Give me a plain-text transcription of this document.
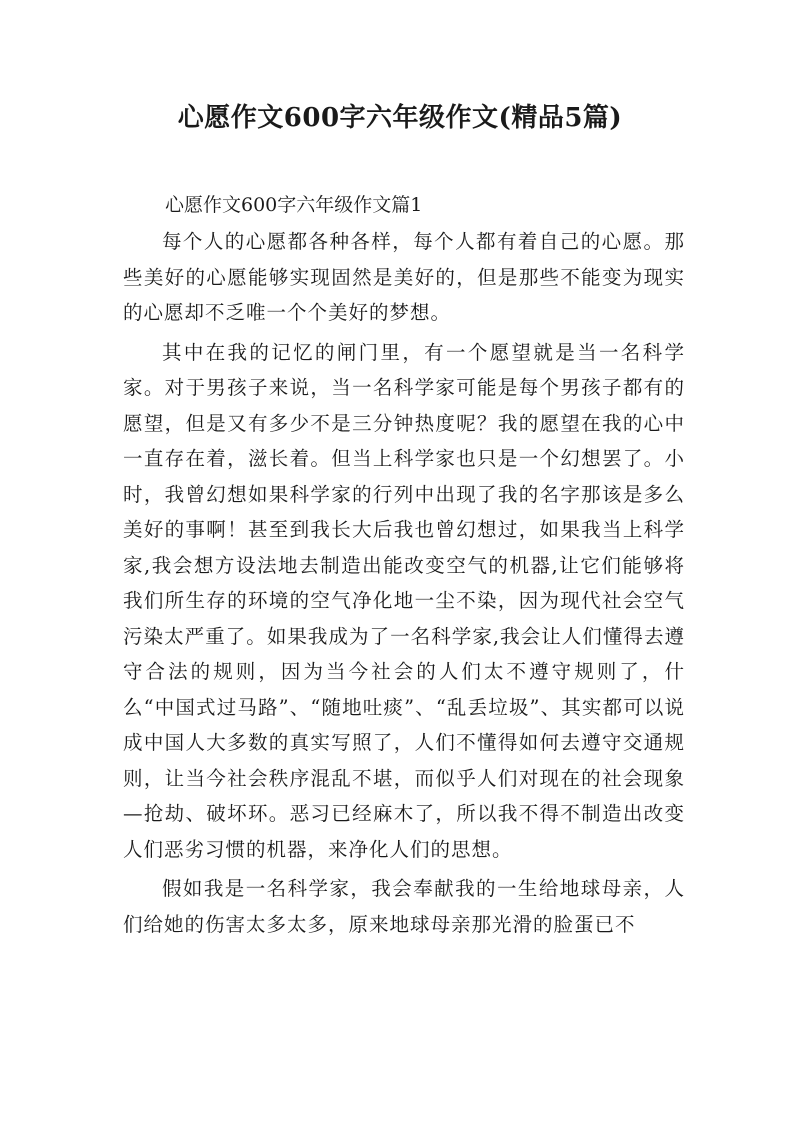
心愿作文600字六年级作文(精品5篇)
心愿作文600字六年级作文篇1

每个人的心愿都各种各样，每个人都有着自己的心愿。那些美好的心愿能够实现固然是美好的，但是那些不能变为现实的心愿却不乏唯一个个美好的梦想。

其中在我的记忆的闸门里，有一个愿望就是当一名科学家。对于男孩子来说，当一名科学家可能是每个男孩子都有的愿望，但是又有多少不是三分钟热度呢？我的愿望在我的心中一直存在着，滋长着。但当上科学家也只是一个幻想罢了。小时，我曾幻想如果科学家的行列中出现了我的名字那该是多么美好的事啊！甚至到我长大后我也曾幻想过，如果我当上科学家,我会想方设法地去制造出能改变空气的机器,让它们能够将我们所生存的环境的空气净化地一尘不染，因为现代社会空气污染太严重了。如果我成为了一名科学家,我会让人们懂得去遵守合法的规则，因为当今社会的人们太不遵守规则了，什么“中国式过马路”、“随地吐痰”、“乱丢垃圾”、其实都可以说成中国人大多数的真实写照了，人们不懂得如何去遵守交通规则，让当今社会秩序混乱不堪，而似乎人们对现在的社会现象—抢劫、破坏环。恶习已经麻木了，所以我不得不制造出改变人们恶劣习惯的机器，来净化人们的思想。

假如我是一名科学家，我会奉献我的一生给地球母亲，人们给她的伤害太多太多，原来地球母亲那光滑的脸蛋已不
